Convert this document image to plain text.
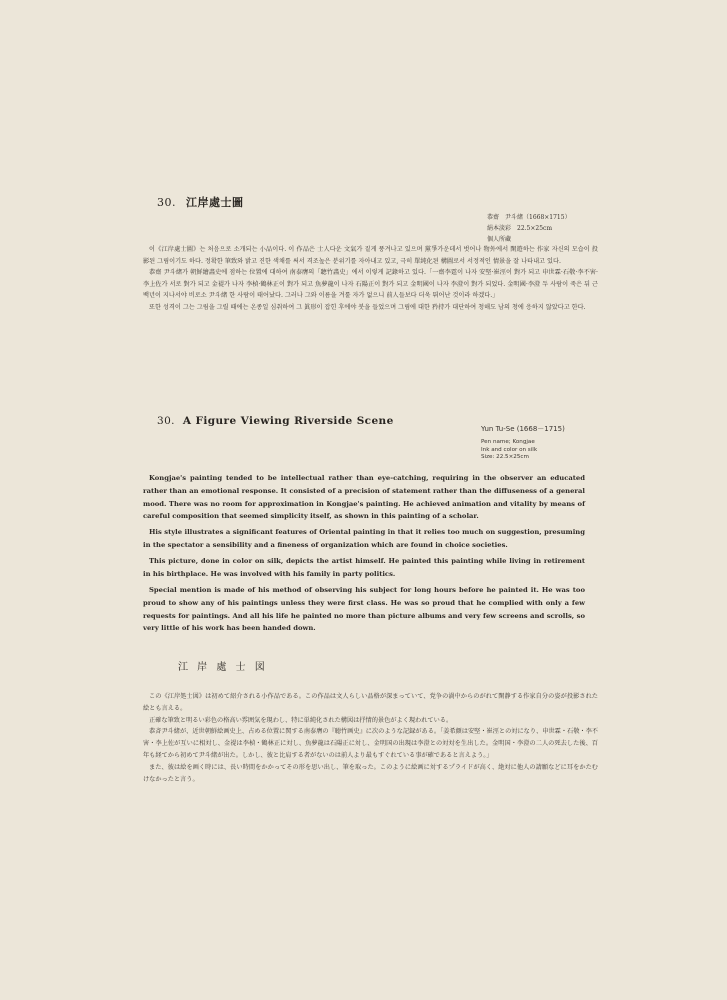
30. 江岸處士圖
恭齋　尹斗緖（1668×1715）
絹本淡彩　22.5×25cm
個人所藏

이《江岸處士圖》는 처음으로 소개되는 小品이다. 이 作品은 士人다운 文氣가 짙게 풍겨나고 있으며 黨爭가운데서 벗어나 物外에서 閑遊하는 作家 자신의 모습이 投影된 그림이기도 하다. 정확한 筆致와 밝고 진한 색채를 써서 격조높은 분위기를 자아내고 있고, 극히 單純化된 構圖로서 서정적인 情景을 잘 나타내고 있다.

恭齋 尹斗緖가 朝鮮繪畵史에 점하는 位置에 대하여 南泰膺의「聽竹畵史」에서 이렇게 記錄하고 있다.「一齋李霆이 나자 安堅·崔涇이 對가 되고 申世霖·石敬·李不害·李上佐가 서로 對가 되고 金禔가 나자 李楨·鶴林正이 對가 되고 魚夢龍이 나자 石陽正이 對가 되고 金明國이 나자 李澄이 對가 되었다. 金明國·李澄 두 사람이 죽은 뒤 근 백년이 지나서야 비로소 尹斗緖 한 사람이 태어났다. 그러나 그와 이름을 겨룰 자가 없으니 前人들보다 더욱 뛰어난 것이라 하겠다.」

또한 성격이 그는 그림을 그릴 때에는 온종일 심취하여 그 眞形이 잡힌 후에야 붓을 들었으며 그림에 대한 矜持가 대단하여 청해도 남의 청에 응하지 않았다고 한다.

30. A Figure Viewing Riverside Scene
Yun Tu-Se (1668－1715)
Pen name; Kongjae
Ink and color on silk
Size: 22.5×25cm

Kongjae's painting tended to be intellectual rather than eye-catching, requiring in the observer an educated rather than an emotional response. It consisted of a precision of statement rather than the diffuseness of a general mood. There was no room for approximation in Kongjae's painting. He achieved animation and vitality by means of careful composition that seemed simplicity itself, as shown in this painting of a scholar.

His style illustrates a significant features of Oriental painting in that it relies too much on suggestion, presuming in the spectator a sensibility and a fineness of organization which are found in choice societies.

This picture, done in color on silk, depicts the artist himself. He painted this painting while living in retirement in his birthplace. He was involved with his family in party politics.

Special mention is made of his method of observing his subject for long hours before he painted it. He was too proud to show any of his paintings unless they were first class. He was so proud that he complied with only a few requests for paintings. And all his life he painted no more than picture albums and very few screens and scrolls, so very little of his work has been handed down.

江 岸 處 士 図

この《江岸処士図》は初めて紹介される小作品である。この作品は文人らしい品格が深まっていて、党争の渦中からのがれて閑静する作家自分の姿が投影された絵とも言える。

正確な筆致と明るい彩色の格高い雰囲気を現わし、特に単純化された構図は抒情的景色がよく現われている。

恭斉尹斗緒が、近世朝鮮絵画史上、占める位置に関する南泰膺の『聴竹画史』に次のような記録がある。「姜希顔は安堅・崔涇との対になり、申世霖・石敬・李不害・李上佐が互いに相対し、金禔は李楨・鶴林正に対し、魚夢龍は石陽正に対し、金明国の出現は李澄との対対を生出した。金明国・李澄の二人の死去した後、百年も経てから初めて尹斗緒が出た。しかし、彼と比肩する者がないのは前人より最もすぐれている事が確であると言えよう。」

また、彼は絵を画く時には、長い時間をかかってその形を思い出し、筆を取った。このように絵画に対するプライドが高く、絶対に他人の請願などに耳をかたむけなかったと言う。
